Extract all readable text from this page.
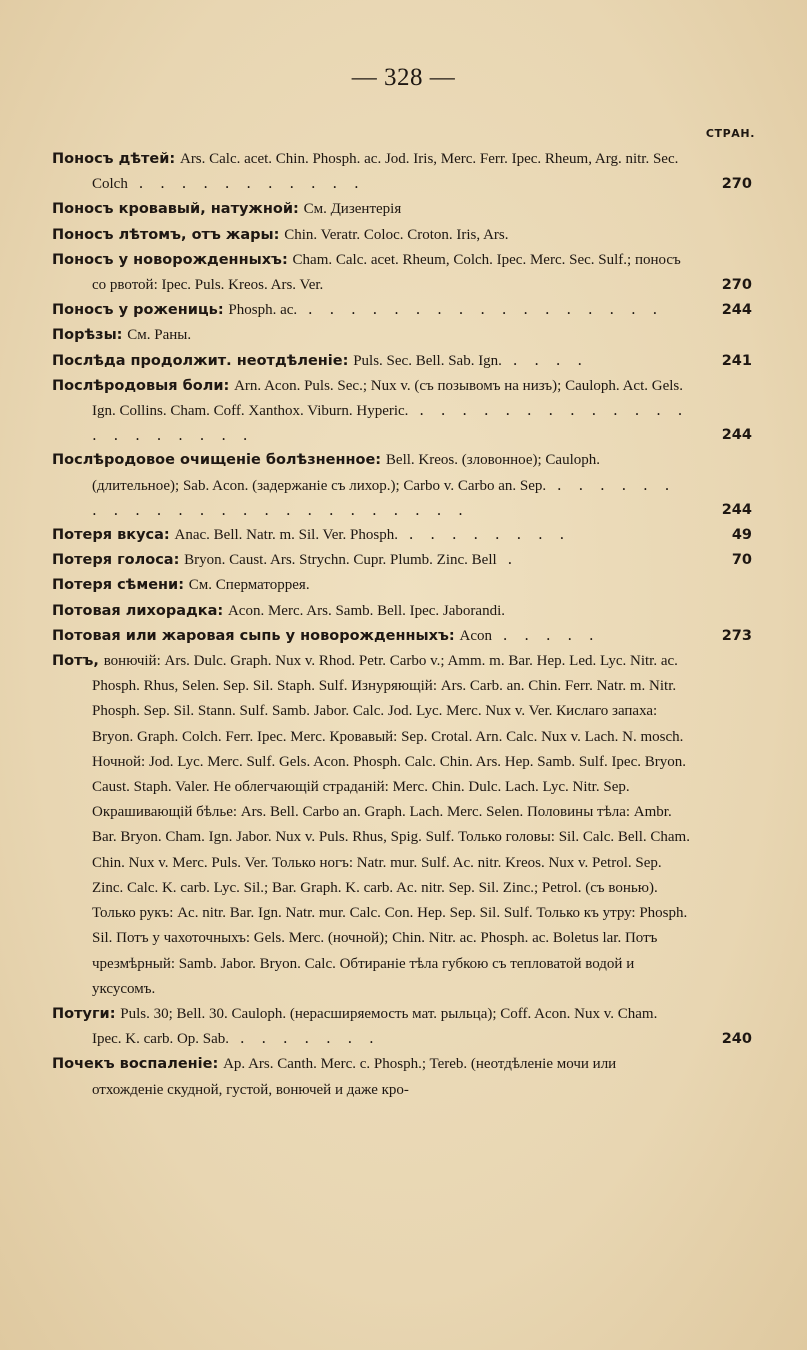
— 328 —
СТРАН.
Поносъ дѣтей: Ars. Calc. acet. Chin. Phosph. ac. Jod. Iris, Merc. Ferr. Ipec. Rheum, Arg. nitr. Sec. Colch . . . . . . . . . . .	270
Поносъ кровавый, натужной: См. Дизентерія
Поносъ лѣтомъ, отъ жары: Chin. Veratr. Coloc. Croton. Iris, Ars.
Поносъ у новорожденныхъ: Cham. Calc. acet. Rheum, Colch. Ipec. Merc. Sec. Sulf.; поносъ со рвотой: Ipec. Puls. Kreos. Ars. Ver.	270
Поносъ у рожениць: Phosph. ac. . . . . . . . . . . . . . . . . .	244
Порѣзы: См. Раны.
Послѣда продолжит. неотдѣленіе: Puls. Sec. Bell. Sab. Ign. . . . .	241
Послѣродовыя боли: Arn. Acon. Puls. Sec.; Nux v. (съ позывомъ на низъ); Cauloph. Act. Gels. Ign. Collins. Cham. Coff. Xanthox. Viburn. Hyperic. . . . . . . . . . . . . . . . . . . . . .	244
Послѣродовое очищеніе болѣзненное: Bell. Kreos. (зловонное); Cauloph. (длительное); Sab. Acon. (задержаніе съ лихор.); Carbo v. Carbo an. Sep. . . . . . . . . . . . . . . . . . . . . . . . .	244
Потеря вкуса: Anac. Bell. Natr. m. Sil. Ver. Phosph. . . . . . . . .	49
Потеря голоса: Bryon. Caust. Ars. Strychn. Cupr. Plumb. Zinc. Bell .	70
Потеря сѣмени: См. Сперматоррея.
Потовая лихорадка: Acon. Merc. Ars. Samb. Bell. Ipec. Jaborandi.
Потовая или жаровая сыпь у новорожденныхъ: Acon . . . . .	273
Потъ, вонючій: Ars. Dulc. Graph. Nux v. Rhod. Petr. Carbo v.; Amm. m. Bar. Hep. Led. Lyc. Nitr. ac. Phosph. Rhus, Selen. Sep. Sil. Staph. Sulf. Изнуряющій: Ars. Carb. an. Chin. Ferr. Natr. m. Nitr. Phosph. Sep. Sil. Stann. Sulf. Samb. Jabor. Calc. Jod. Lyc. Merc. Nux v. Ver. Кислаго запаха: Bryon. Graph. Colch. Ferr. Ipec. Merc. Кровавый: Sep. Crotal. Arn. Calc. Nux v. Lach. N. mosch. Ночной: Jod. Lyc. Merc. Sulf. Gels. Acon. Phosph. Calc. Chin. Ars. Hep. Samb. Sulf. Ipec. Bryon. Caust. Staph. Valer. Не облегчающій страданій: Merc. Chin. Dulc. Lach. Lyc. Nitr. Sep. Окрашивающій бѣлье: Ars. Bell. Carbo an. Graph. Lach. Merc. Selen. Половины тѣла: Ambr. Bar. Bryon. Cham. Ign. Jabor. Nux v. Puls. Rhus, Spig. Sulf. Только головы: Sil. Calc. Bell. Cham. Chin. Nux v. Merc. Puls. Ver. Только ногъ: Natr. mur. Sulf. Ac. nitr. Kreos. Nux v. Petrol. Sep. Zinc. Calc. K. carb. Lyc. Sil.; Bar. Graph. K. carb. Ac. nitr. Sep. Sil. Zinc.; Petrol. (съ вонью). Только рукъ: Ac. nitr. Bar. Ign. Natr. mur. Calc. Con. Hep. Sep. Sil. Sulf. Только къ утру: Phosph. Sil. Потъ у чахоточныхъ: Gels. Merc. (ночной); Chin. Nitr. ac. Phosph. ac. Boletus lar. Потъ чрезмѣрный: Samb. Jabor. Bryon. Calc. Обтираніе тѣла губкою съ тепловатой водой и уксусомъ.
Потуги: Puls. 30; Bell. 30. Cauloph. (нерасширяемость мат. рыльца); Coff. Acon. Nux v. Cham. Ipec. K. carb. Op. Sab. . . . . . . .	240
Почекъ воспаленіе: Ap. Ars. Canth. Merc. c. Phosph.; Tereb. (неотдѣленіе мочи или отхожденіе скудной, густой, вонючей и даже кро-
